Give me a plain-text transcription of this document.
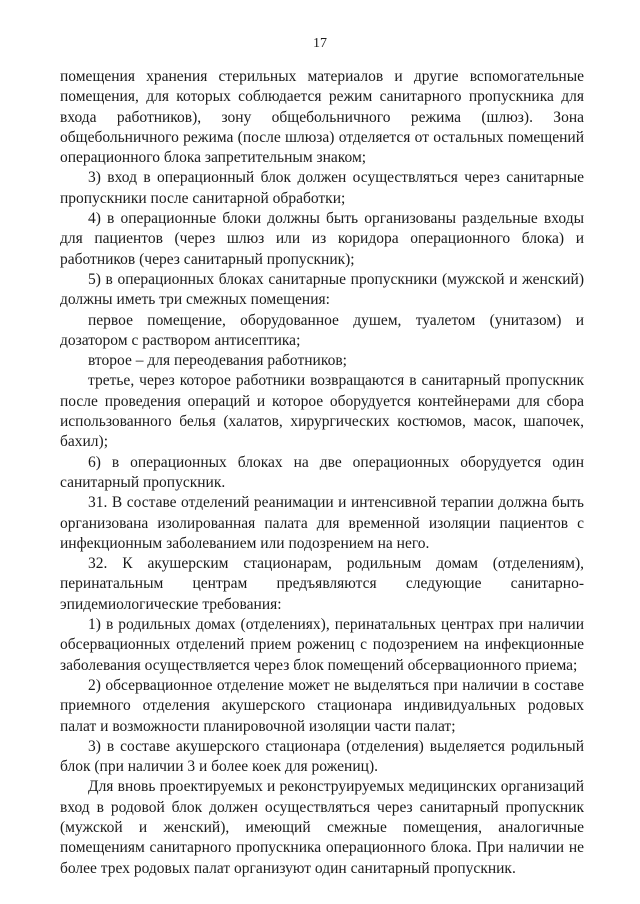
17

помещения хранения стерильных материалов и другие вспомогательные помещения, для которых соблюдается режим санитарного пропускника для входа работников), зону общебольничного режима (шлюз). Зона общебольничного режима (после шлюза) отделяется от остальных помещений операционного блока запретительным знаком;

3) вход в операционный блок должен осуществляться через санитарные пропускники после санитарной обработки;

4) в операционные блоки должны быть организованы раздельные входы для пациентов (через шлюз или из коридора операционного блока) и работников (через санитарный пропускник);

5) в операционных блоках санитарные пропускники (мужской и женский) должны иметь три смежных помещения:

первое помещение, оборудованное душем, туалетом (унитазом) и дозатором с раствором антисептика;

второе – для переодевания работников;

третье, через которое работники возвращаются в санитарный пропускник после проведения операций и которое оборудуется контейнерами для сбора использованного белья (халатов, хирургических костюмов, масок, шапочек, бахил);

6) в операционных блоках на две операционных оборудуется один санитарный пропускник.

31. В составе отделений реанимации и интенсивной терапии должна быть организована изолированная палата для временной изоляции пациентов с инфекционным заболеванием или подозрением на него.

32. К акушерским стационарам, родильным домам (отделениям), перинатальным центрам предъявляются следующие санитарно-эпидемиологические требования:

1) в родильных домах (отделениях), перинатальных центрах при наличии обсервационных отделений прием рожениц с подозрением на инфекционные заболевания осуществляется через блок помещений обсервационного приема;

2) обсервационное отделение может не выделяться при наличии в составе приемного отделения акушерского стационара индивидуальных родовых палат и возможности планировочной изоляции части палат;

3) в составе акушерского стационара (отделения) выделяется родильный блок (при наличии 3 и более коек для рожениц).

Для вновь проектируемых и реконструируемых медицинских организаций вход в родовой блок должен осуществляться через санитарный пропускник (мужской и женский), имеющий смежные помещения, аналогичные помещениям санитарного пропускника операционного блока. При наличии не более трех родовых палат организуют один санитарный пропускник.
